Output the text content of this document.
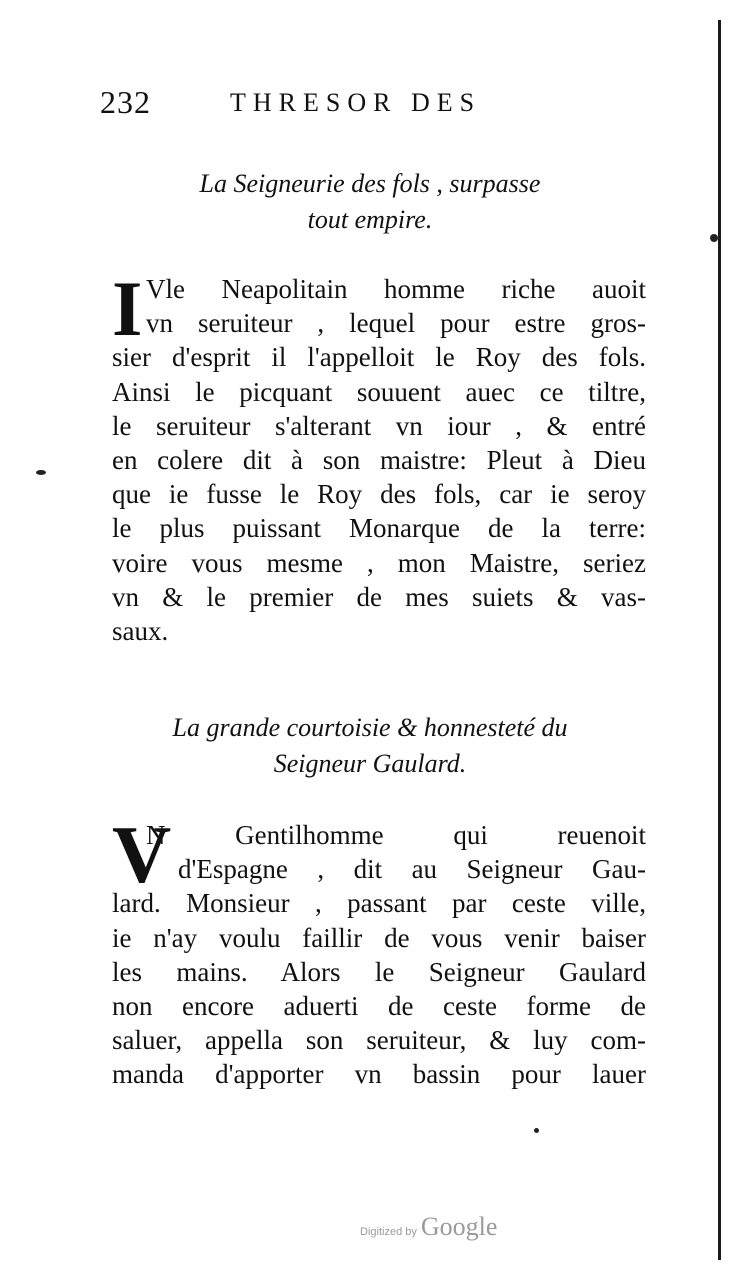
232	THRESOR DES
La Seigneurie des fols , surpasse
tout empire.
I Vle Neapolitain homme riche auoit
vn seruiteur , lequel pour estre gros-
sier d'esprit il l'appelloit le Roy des fols.
Ainsi le picquant souuent auec ce tiltre,
le seruiteur s'alterant vn iour , & entré
en colere dit à son maistre: Pleut à Dieu
que ie fusse le Roy des fols, car ie seroy
le plus puissant Monarque de la terre:
voire vous mesme , mon Maistre, seriez
vn & le premier de mes suiets & vas-
saux.
La grande courtoisie & honnesteté du
Seigneur Gaulard.
V
N Gentilhomme qui reuenoit
d'Espagne , dit au Seigneur Gau-
lard. Monsieur , passant par ceste ville,
ie n'ay voulu faillir de vous venir baiser
les mains. Alors le Seigneur Gaulard
non encore aduerti de ceste forme de
saluer, appella son seruiteur, & luy com-
manda d'apporter vn bassin pour lauer
Digitized by Google
